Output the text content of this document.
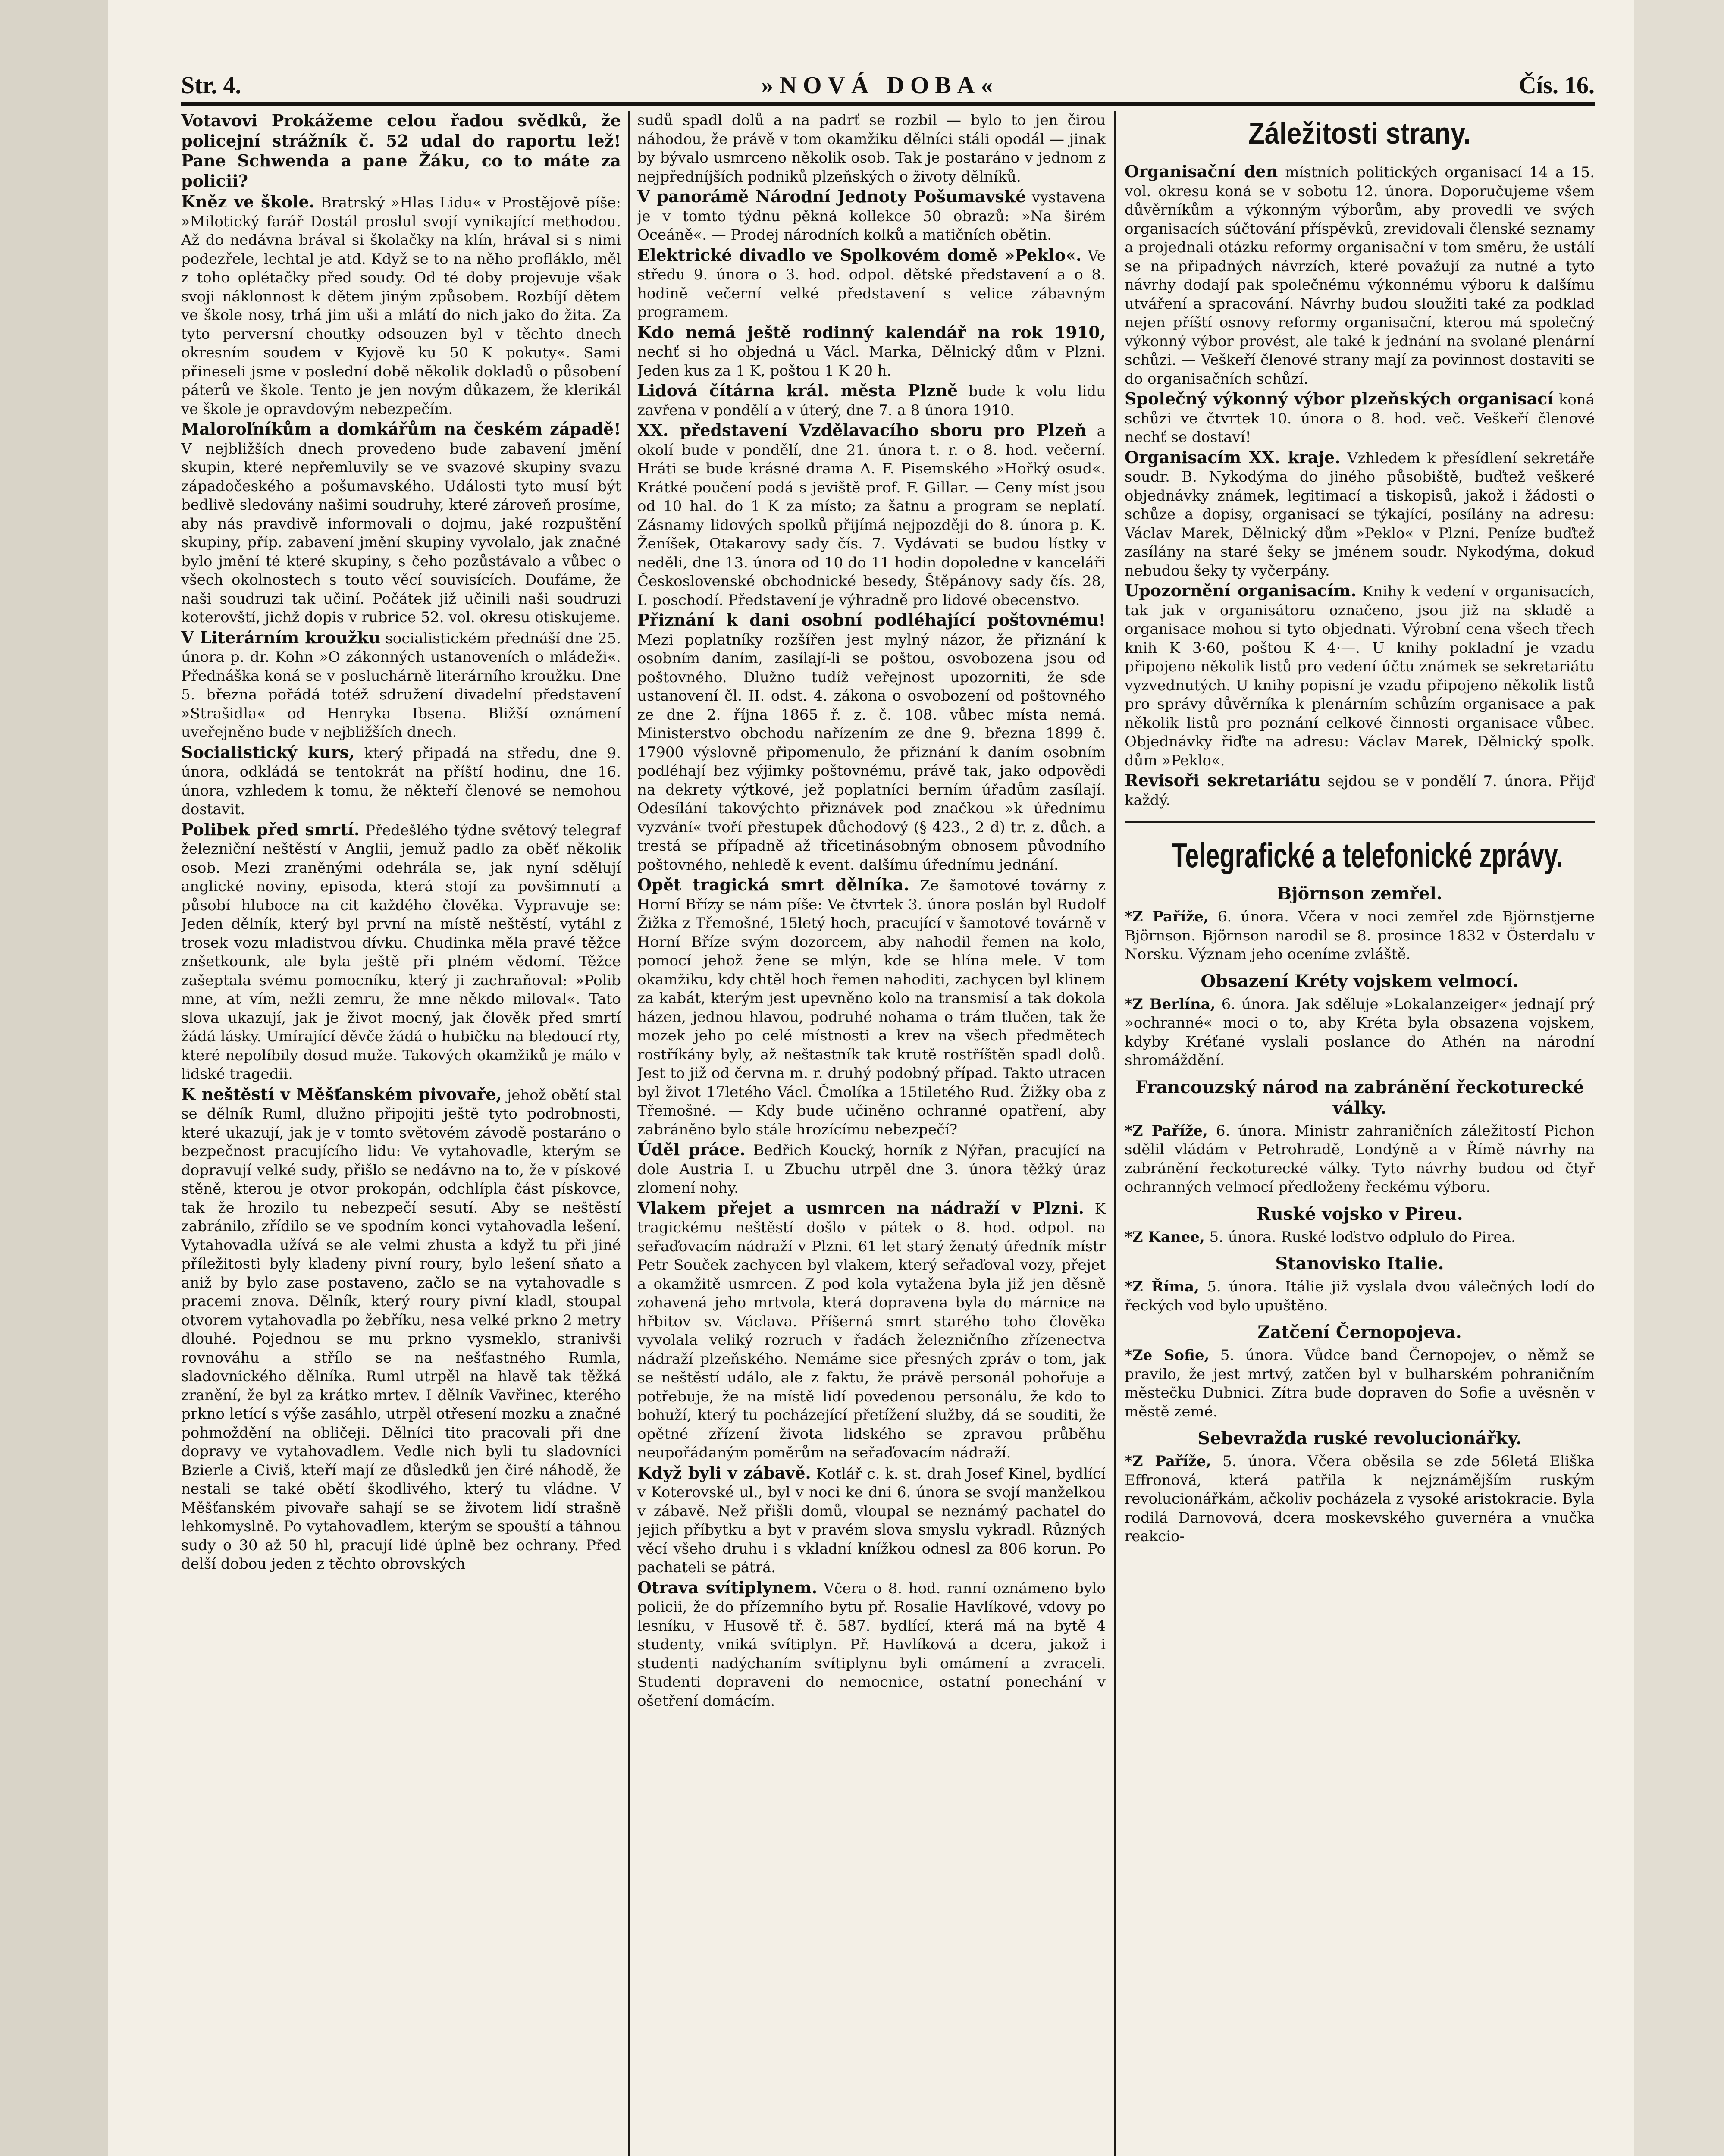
Str. 4.	»NOVÁ DOBA«	Čís. 16.

Votavovi Prokážeme celou řadou svědků, že policejní strážník č. 52 udal do raportu lež! Pane Schwenda a pane Žáku, co to máte za policii?

Kněz ve škole. Bratrský »Hlas Lidu« v Prostějově píše: »Milotický farář Dostál proslul svojí vynikající methodou. Až do nedávna brával si školačky na klín, hrával si s nimi podezřele, lechtal je atd. Když se to na něho profláklo, měl z toho oplétačky před soudy. Od té doby projevuje však svoji náklonnost k dětem jiným způsobem. Rozbíjí dětem ve škole nosy, trhá jim uši a mlátí do nich jako do žita. Za tyto perversní choutky odsouzen byl v těchto dnech okresním soudem v Kyjově ku 50 K pokuty«. Sami přineseli jsme v poslední době několik dokladů o působení páterů ve škole. Tento je jen novým důkazem, že klerikál ve škole je opravdovým nebezpečím.

Maloroľníkům a domkářům na českém západě! V nejbližších dnech provedeno bude zabavení jmění skupin, které nepřemluvily se ve svazové skupiny svazu západočeského a pošumavského. Události tyto musí být bedlivě sledovány našimi soudruhy, které zároveň prosíme, aby nás pravdivě informovali o dojmu, jaké rozpuštění skupiny, příp. zabavení jmění skupiny vyvolalo, jak značné bylo jmění té které skupiny, s čeho pozůstávalo a vůbec o všech okolnostech s touto věcí souvisících. Doufáme, že naši soudruzi tak učiní. Počátek již učinili naši soudruzi koterovští, jichž dopis v rubrice 52. vol. okresu otiskujeme.

V Literárním kroužku socialistickém přednáší dne 25. února p. dr. Kohn »O zákonných ustanoveních o mládeži«. Přednáška koná se v posluchárně literárního kroužku. Dne 5. března pořádá totéž sdružení divadelní představení »Strašidla« od Henryka Ibsena. Bližší oznámení uveřejněno bude v nejbližších dnech.

Socialistický kurs, který připadá na středu, dne 9. února, odkládá se tentokrát na příští hodinu, dne 16. února, vzhledem k tomu, že někteří členové se nemohou dostavit.

Polibek před smrtí. Předešlého týdne světový telegraf železniční neštěstí v Anglii, jemuž padlo za oběť několik osob. Mezi zraněnými odehrála se, jak nyní sdělují anglické noviny, episoda, která stojí za povšimnutí a působí hluboce na cit každého člověka. Vypravuje se: Jeden dělník, který byl první na místě neštěstí, vytáhl z trosek vozu mladistvou dívku. Chudinka měla pravé těžce znšetkounk, ale byla ještě při plném vědomí. Těžce zašeptala svému pomocníku, který ji zachraňoval: »Polib mne, at vím, nežli zemru, že mne někdo miloval«. Tato slova ukazují, jak je život mocný, jak člověk před smrtí žádá lásky. Umírající děvče žádá o hubičku na bledoucí rty, které nepolíbily dosud muže. Takových okamžiků je málo v lidské tragedii.

K neštěstí v Měšťanském pivovaře, jehož obětí stal se dělník Ruml, dlužno připojiti ještě tyto podrobnosti, které ukazují, jak je v tomto světovém závodě postaráno o bezpečnost pracujícího lidu: Ve vytahovadle, kterým se dopravují velké sudy, přišlo se nedávno na to, že v pískové stěně, kterou je otvor prokopán, odchlípla část pískovce, tak že hrozilo tu nebezpečí sesutí. Aby se neštěstí zabránilo, zřídilo se ve spodním konci vytahovadla lešení. Vytahovadla užívá se ale velmi zhusta a když tu při jiné příležitosti byly kladeny pivní roury, bylo lešení sňato a aniž by bylo zase postaveno, začlo se na vytahovadle s pracemi znova. Dělník, který roury pivní kladl, stoupal otvorem vytahovadla po žebříku, nesa velké prkno 2 metry dlouhé. Pojednou se mu prkno vysmeklo, stranivši rovnováhu a střílo se na nešťastného Rumla, sladovnického dělníka. Ruml utrpěl na hlavě tak těžká zranění, že byl za krátko mrtev. I dělník Vavřinec, kterého prkno letící s výše zasáhlo, utrpěl otřesení mozku a značné pohmoždění na obličeji. Dělníci tito pracovali při dne dopravy ve vytahovadlem. Vedle nich byli tu sladovníci Bzierle a Civiš, kteří mají ze důsledků jen čiré náhodě, že nestali se také obětí škodlivého, který tu vládne. V Měšťanském pivovaře sahají se se životem lidí strašně lehkomyslně. Po vytahovadlem, kterým se spouští a táhnou sudy o 30 až 50 hl, pracují lidé úplně bez ochrany. Před delší dobou jeden z těchto obrovských

sudů spadl dolů a na padrť se rozbil — bylo to jen čirou náhodou, že právě v tom okamžiku dělníci stáli opodál — jinak by bývalo usmrceno několik osob. Tak je postaráno v jednom z nejpředníjších podniků plzeňských o životy dělníků.

V panorámě Národní Jednoty Pošumavské vystavena je v tomto týdnu pěkná kollekce 50 obrazů: »Na širém Oceáně«. — Prodej národních kolků a matičních obětin.

Elektrické divadlo ve Spolkovém domě »Peklo«. Ve středu 9. února o 3. hod. odpol. dětské představení a o 8. hodině večerní velké představení s velice zábavným programem.

Kdo nemá ještě rodinný kalendář na rok 1910, nechť si ho objedná u Václ. Marka, Dělnický dům v Plzni. Jeden kus za 1 K, poštou 1 K 20 h.

Lidová čítárna král. města Plzně bude k volu lidu zavřena v pondělí a v úterý, dne 7. a 8 února 1910.

XX. představení Vzdělavacího sboru pro Plzeň a okolí bude v pondělí, dne 21. února t. r. o 8. hod. večerní. Hráti se bude krásné drama A. F. Pisemského »Hořký osud«. Krátké poučení podá s jeviště prof. F. Gillar. — Ceny míst jsou od 10 hal. do 1 K za místo; za šatnu a program se neplatí. Zásnamy lidových spolků přijímá nejpozději do 8. února p. K. Ženíšek, Otakarovy sady čís. 7. Vydávati se budou lístky v neděli, dne 13. února od 10 do 11 hodin dopoledne v kanceláři Československé obchodnické besedy, Štěpánovy sady čís. 28, I. poschodí. Představení je výhradně pro lidové obecenstvo.

Přiznání k dani osobní podléhající poštovnému! Mezi poplatníky rozšířen jest mylný názor, že přiznání k osobním daním, zasílají-li se poštou, osvobozena jsou od poštovného. Dlužno tudíž veřejnost upozorniti, že sde ustanovení čl. II. odst. 4. zákona o osvobození od poštovného ze dne 2. října 1865 ř. z. č. 108. vůbec místa nemá. Ministerstvo obchodu nařízením ze dne 9. března 1899 č. 17900 výslovně připomenulo, že přiznání k daním osobním podléhají bez výjimky poštovnému, právě tak, jako odpovědi na dekrety výtkové, jež poplatníci berním úřadům zasílají. Odesílání takovýchto přiznávek pod značkou »k úřednímu vyzvání« tvoří přestupek důchodový (§ 423., 2 d) tr. z. důch. a trestá se případně až třicetinásobným obnosem původního poštovného, nehledě k event. dalšímu úřednímu jednání.

Opět tragická smrt dělníka. Ze šamotové továrny z Horní Břízy se nám píše: Ve čtvrtek 3. února poslán byl Rudolf Žižka z Třemošné, 15letý hoch, pracující v šamotové továrně v Horní Bříze svým dozorcem, aby nahodil řemen na kolo, pomocí jehož žene se mlýn, kde se hlína mele. V tom okamžiku, kdy chtěl hoch řemen nahoditi, zachycen byl klinem za kabát, kterým jest upevněno kolo na transmisí a tak dokola házen, jednou hlavou, podruhé nohama o trám tlučen, tak že mozek jeho po celé místnosti a krev na všech předmětech rostříkány byly, až neštastník tak krutě rostříštěn spadl dolů. Jest to již od června m. r. druhý podobný případ. Takto utracen byl život 17letého Václ. Čmolíka a 15tiletého Rud. Žižky oba z Třemošné. — Kdy bude učiněno ochranné opatření, aby zabráněno bylo stále hrozícímu nebezpečí?

Úděl práce. Bedřich Koucký, horník z Nýřan, pracující na dole Austria I. u Zbuchu utrpěl dne 3. února těžký úraz zlomení nohy.

Vlakem přejet a usmrcen na nádraží v Plzni. K tragickému neštěstí došlo v pátek o 8. hod. odpol. na seřaďovacím nádraží v Plzni. 61 let starý ženatý úředník místr Petr Souček zachycen byl vlakem, který seřaďoval vozy, přejet a okamžitě usmrcen. Z pod kola vytažena byla již jen děsně zohavená jeho mrtvola, která dopravena byla do márnice na hřbitov sv. Václava. Příšerná smrt starého toho člověka vyvolala veliký rozruch v řadách železničního zřízenectva nádraží plzeňského. Nemáme sice přesných zpráv o tom, jak se neštěstí událo, ale z faktu, že právě personál pohořuje a potřebuje, že na místě lidí povedenou personálu, že kdo to bohuží, který tu pocházející přetížení služby, dá se souditi, že opětné zřízení života lidského se zpravou průběhu neupořádaným poměrům na seřaďovacím nádraží.

Když byli v zábavě. Kotlář c. k. st. drah Josef Kinel, bydlící v Koterovské ul., byl v noci ke dni 6. února se svojí manželkou v zábavě. Než přišli domů, vloupal se neznámý pachatel do jejich příbytku a byt v pravém slova smyslu vykradl. Různých věcí všeho druhu i s vkladní knížkou odnesl za 806 korun. Po pachateli se pátrá.

Otrava svítiplynem. Včera o 8. hod. ranní oznámeno bylo policii, že do přízemního bytu př. Rosalie Havlíkové, vdovy po lesníku, v Husově tř. č. 587. bydlící, která má na bytě 4 studenty, vniká svítiplyn. Př. Havlíková a dcera, jakož i studenti nadýchaním svítiplynu byli omámení a zvraceli. Studenti dopraveni do nemocnice, ostatní ponechání v ošetření domácím.

Záležitosti strany.

Organisační den místních politických organisací 14 a 15. vol. okresu koná se v sobotu 12. února. Doporučujeme všem důvěrníkům a výkonným výborům, aby provedli ve svých organisacích súčtování příspěvků, zrevidovali členské seznamy a projednali otázku reformy organisační v tom směru, že ustálí se na připadných návrzích, které považují za nutné a tyto návrhy dodají pak společnému výkonnému výboru k dalšímu utváření a spracování. Návrhy budou sloužiti také za podklad nejen příští osnovy reformy organisační, kterou má společný výkonný výbor provést, ale také k jednání na svolané plenární schůzi. — Veškeří členové strany mají za povinnost dostaviti se do organisačních schůzí.

Společný výkonný výbor plzeňských organisací koná schůzi ve čtvrtek 10. února o 8. hod. več. Veškeří členové nechť se dostaví!

Organisacím XX. kraje. Vzhledem k přesídlení sekretáře soudr. B. Nykodýma do jiného působiště, buďtež veškeré objednávky známek, legitimací a tiskopisů, jakož i žádosti o schůze a dopisy, organisací se týkající, posílány na adresu: Václav Marek, Dělnický dům »Peklo« v Plzni. Peníze buďtež zasílány na staré šeky se jménem soudr. Nykodýma, dokud nebudou šeky ty vyčerpány.

Upozornění organisacím. Knihy k vedení v organisacích, tak jak v organisátoru označeno, jsou již na skladě a organisace mohou si tyto objednati. Výrobní cena všech třech knih K 3·60, poštou K 4·—. U knihy pokladní je vzadu připojeno několik listů pro vedení účtu známek se sekretariátu vyzvednutých. U knihy popisní je vzadu připojeno několik listů pro správy důvěrníka k plenárním schůzím organisace a pak několik listů pro poznání celkové činnosti organisace vůbec. Objednávky řiďte na adresu: Václav Marek, Dělnický spolk. dům »Peklo«.

Revisoři sekretariátu sejdou se v pondělí 7. února. Přijď každý.

Telegrafické a telefonické zprávy.
Björnson zemřel.

*Z Paříže, 6. února. Včera v noci zemřel zde Björnstjerne Björnson. Björnson narodil se 8. prosince 1832 v Österdalu v Norsku. Význam jeho oceníme zvláště.

Obsazení Kréty vojskem velmocí.

*Z Berlína, 6. února. Jak sděluje »Lokalanzeiger« jednají prý »ochranné« moci o to, aby Kréta byla obsazena vojskem, kdyby Kréťané vyslali poslance do Athén na národní shromáždění.

Francouzský národ na zabránění řeckoturecké války.

*Z Paříže, 6. února. Ministr zahraničních záležitostí Pichon sdělil vládám v Petrohradě, Londýně a v Římě návrhy na zabránění řeckoturecké války. Tyto návrhy budou od čtyř ochranných velmocí předloženy řeckému výboru.

Ruské vojsko v Pireu.

*Z Kanee, 5. února. Ruské loďstvo odplulo do Pirea.

Stanovisko Italie.

*Z Říma, 5. února. Itálie již vyslala dvou válečných lodí do řeckých vod bylo upuštěno.

Zatčení Černopojeva.

*Ze Sofie, 5. února. Vůdce band Černopojev, o němž se pravilo, že jest mrtvý, zatčen byl v bulharském pohraničním městečku Dubnici. Zítra bude dopraven do Sofie a uvěsněn v městě zemé.

Sebevražda ruské revolucionářky.

*Z Paříže, 5. února. Včera oběsila se zde 56letá Eliška Effronová, která patřila k nejznámějším ruským revolucionářkám, ačkoliv pocházela z vysoké aristokracie. Byla rodilá Darnovová, dcera moskevského guvernéra a vnučka reakcio-
